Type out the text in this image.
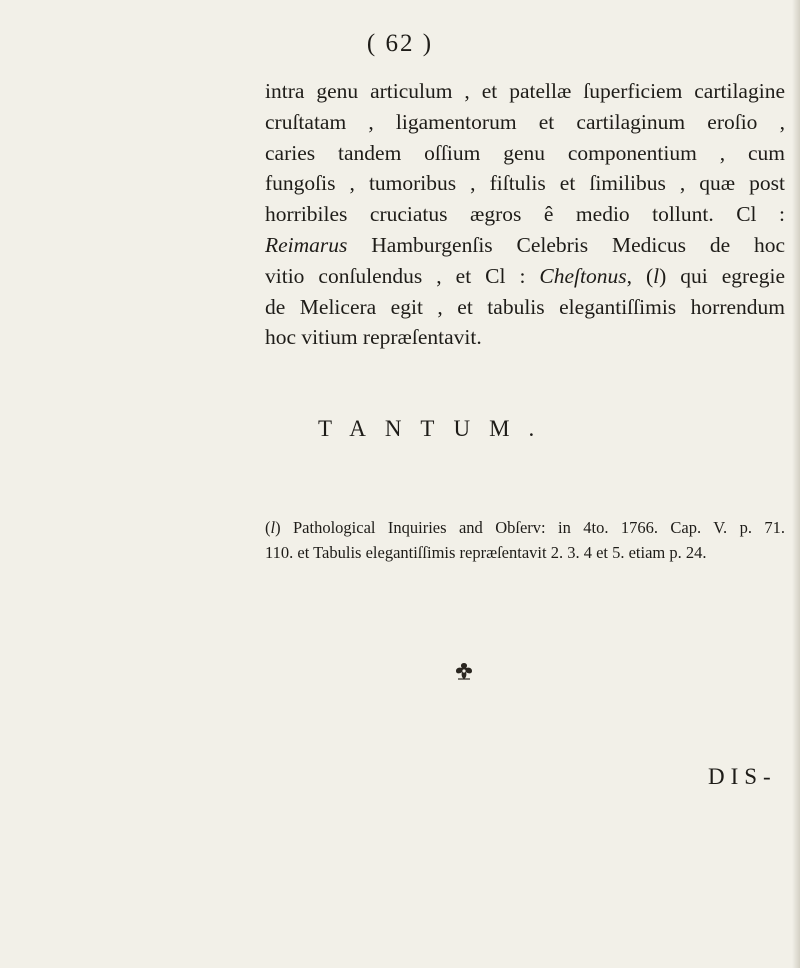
( 62 )
intra genu articulum , et patellæ ſuperficiem cartilagine
cruſtatam , ligamentorum et cartilaginum eroſio ,
caries tandem oſſium genu componentium , cum
fungoſis , tumoribus , fiſtulis et ſimilibus , quæ post
horribiles cruciatus ægros ê medio tollunt. Cl :
Reimarus Hamburgenſis Celebris Medicus de hoc
vitio conſulendus , et Cl : Cheſtonus, (l) qui egregie
de Melicera egit , et tabulis elegantiſſimis horrendum
hoc vitium repræſentavit.
TANTUM.
(l) Pathological Inquiries and Obſerv: in 4to. 1766. Cap. V. p. 71.
110. et Tabulis elegantiſſimis repræſentavit 2. 3. 4 et 5. etiam p. 24.
DIS-
